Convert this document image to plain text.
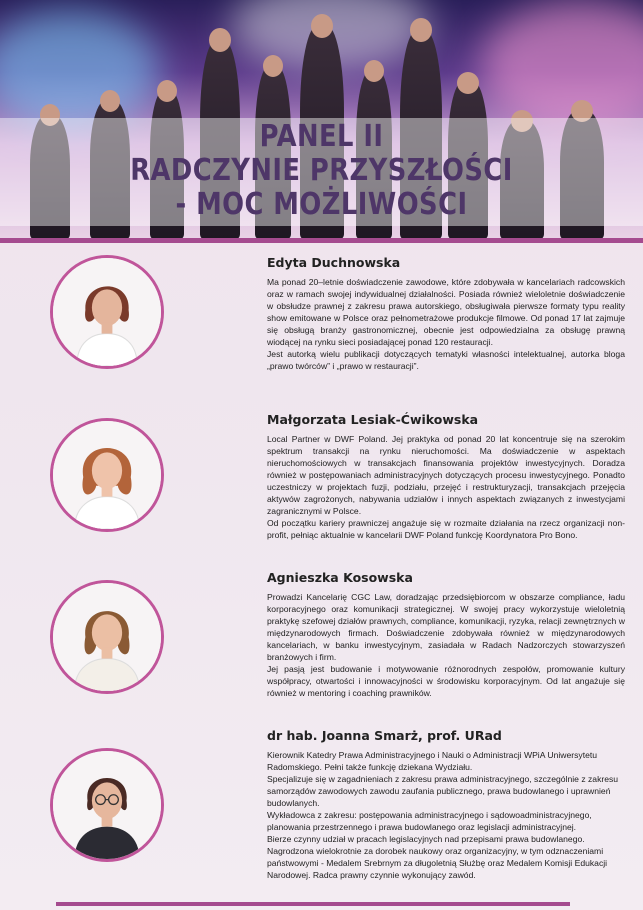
PANEL II
RADCZYNIE PRZYSZŁOŚCI
- MOC MOŻLIWOŚCI
Edyta Duchnowska

Ma ponad 20–letnie doświadczenie zawodowe, które zdobywała w kancelariach radcowskich oraz w ramach swojej indywidualnej działalności. Posiada również wieloletnie doświadczenie w obsłudze prawnej z zakresu prawa autorskiego, obsługiwała pierwsze formaty typu reality show emitowane w Polsce oraz pełnometrażowe produkcje filmowe. Od ponad 17 lat zajmuje się obsługą branży gastronomicznej, obecnie jest odpowiedzialna za obsługę prawną wiodącej na rynku sieci posiadającej ponad 120 restauracji.

Jest autorką wielu publikacji dotyczących tematyki własności intelektualnej, autorka bloga „prawo twórców” i „prawo w restauracji”.

Małgorzata Lesiak-Ćwikowska

Local Partner w DWF Poland. Jej praktyka od ponad 20 lat koncentruje się na szerokim spektrum transakcji na rynku nieruchomości. Ma doświadczenie w aspektach nieruchomościowych w transakcjach finansowania projektów inwestycyjnych. Doradza również w postępowaniach administracyjnych dotyczących procesu inwestycyjnego. Ponadto uczestniczy w projektach fuzji, podziału, przejęć i restrukturyzacji, transakcjach przejęcia aktywów zagrożonych, nabywania udziałów i innych aspektach związanych z inwestycjami zagranicznymi w Polsce.

Od początku kariery prawniczej angażuje się w rozmaite działania na rzecz organizacji non-profit, pełniąc aktualnie w kancelarii DWF Poland funkcję Koordynatora Pro Bono.

Agnieszka Kosowska

Prowadzi Kancelarię CGC Law, doradzając przedsiębiorcom w obszarze compliance, ładu korporacyjnego oraz komunikacji strategicznej. W swojej pracy wykorzystuje wieloletnią praktykę szefowej działów prawnych, compliance, komunikacji, ryzyka, relacji zewnętrznych w międzynarodowych firmach. Doświadczenie zdobywała również w międzynarodowych kancelariach, w banku inwestycyjnym, zasiadała w Radach Nadzorczych stowarzyszeń branżowych i firm.

Jej pasją jest budowanie i motywowanie różnorodnych zespołów, promowanie kultury współpracy, otwartości i innowacyjności w środowisku korporacyjnym. Od lat angażuje się również w mentoring i coaching prawników.

dr hab. Joanna Smarż, prof. URad

Kierownik Katedry Prawa Administracyjnego i Nauki o Administracji WPiA Uniwersytetu Radomskiego. Pełni także funkcję dziekana Wydziału.

Specjalizuje się w zagadnieniach z zakresu prawa administracyjnego, szczególnie z zakresu samorządów zawodowych zawodu zaufania publicznego, prawa budowlanego i uprawnień budowlanych.

Wykładowca z zakresu: postępowania administracyjnego i sądowoadministracyjnego, planowania przestrzennego i prawa budowlanego oraz legislacji administracyjnej.

Bierze czynny udział w pracach legislacyjnych nad przepisami prawa budowlanego.

Nagrodzona wielokrotnie za dorobek naukowy oraz organizacyjny, w tym odznaczeniami państwowymi - Medalem Srebrnym za długoletnią Służbę oraz Medalem Komisji Edukacji Narodowej. Radca prawny czynnie wykonujący zawód.
